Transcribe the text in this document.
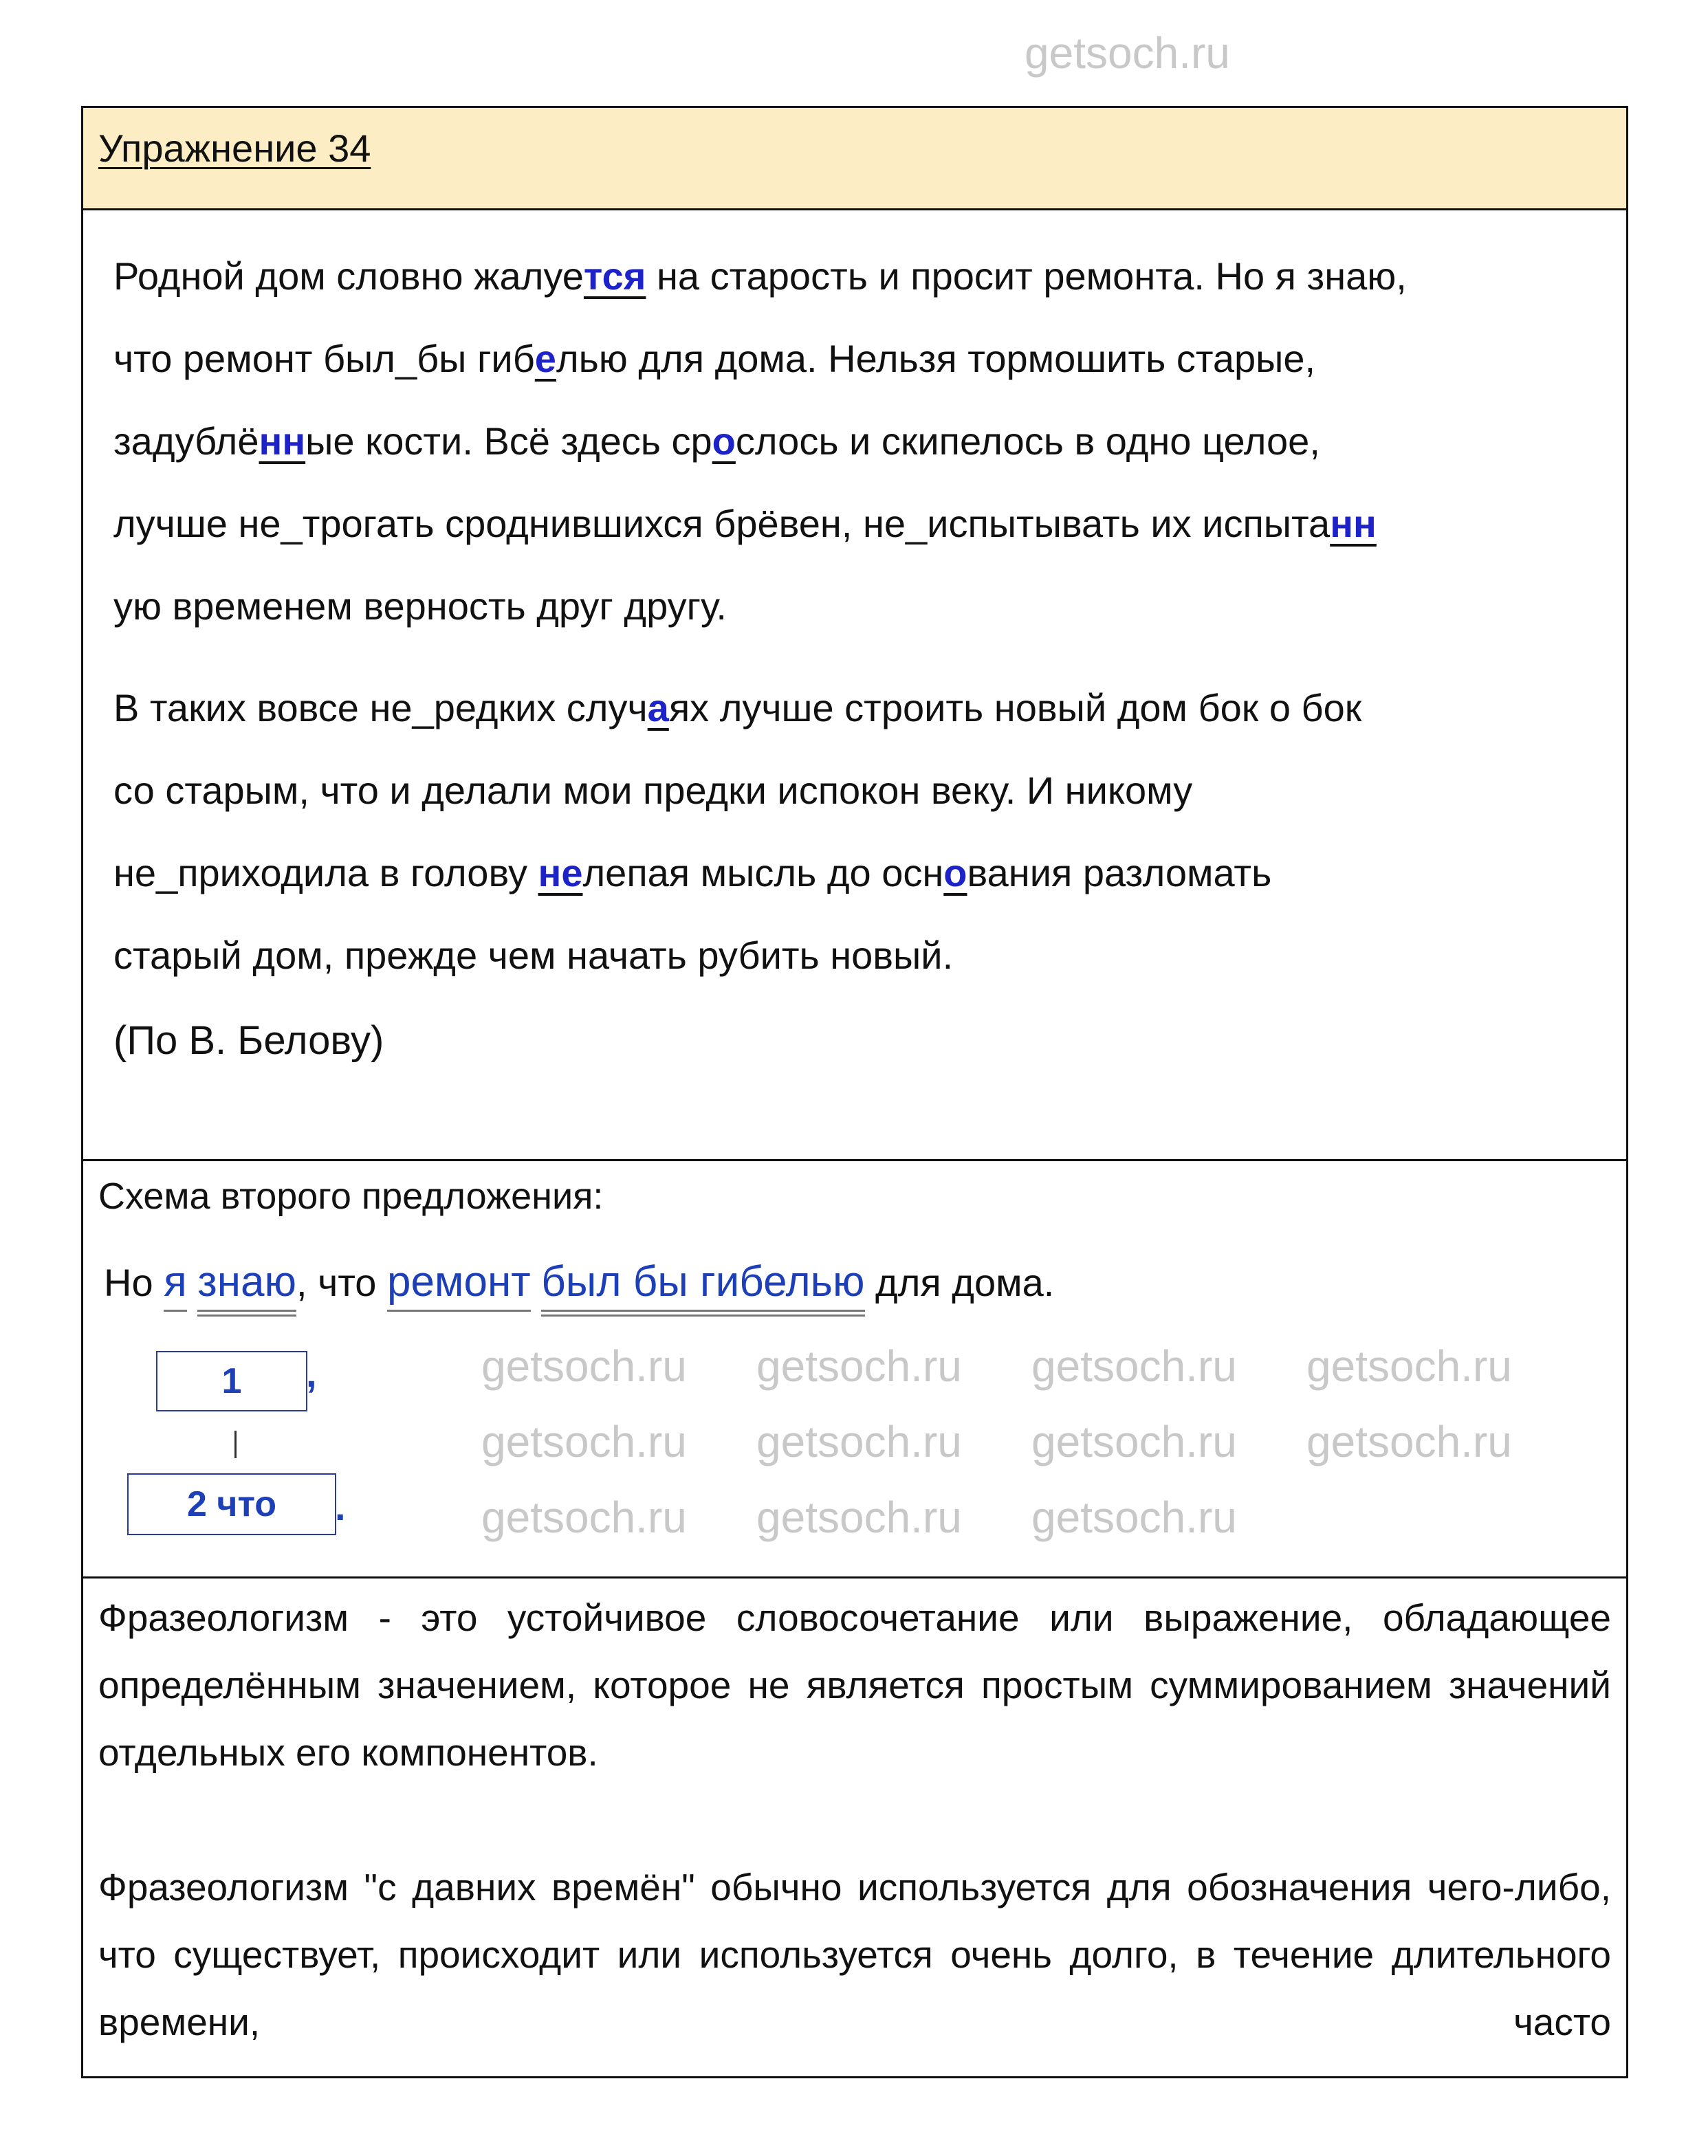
getsoch.ru
Упражнение 34
Родной дом словно жалуется на старость и просит ремонта. Но я знаю,
что ремонт был_бы гибелью для дома. Нельзя тормошить старые,
задублённые кости. Всё здесь срослось и скипелось в одно целое,
лучше не_трогать сроднившихся брёвен, не_испытывать их испытанн
ую временем верность друг другу.
В таких вовсе не_редких случаях лучше строить новый дом бок о бок
со старым, что и делали мои предки испокон веку. И никому
не_приходила в голову нелепая мысль до основания разломать
старый дом, прежде чем начать рубить новый.
(По В. Белову)
Схема второго предложения:
Но я знаю, что ремонт был бы гибелью для дома.
1	,
2 что	.
Фразеологизм - это устойчивое словосочетание или выражение, обладающее определённым значением, которое не является простым суммированием значений отдельных его компонентов.
Фразеологизм "с давних времён" обычно используется для обозначения чего-либо, что существует, происходит или используется очень долго, в течение длительного времени, часто
getsoch.ru getsoch.ru getsoch.ru getsoch.ru
getsoch.ru getsoch.ru getsoch.ru getsoch.ru
getsoch.ru getsoch.ru getsoch.ru
